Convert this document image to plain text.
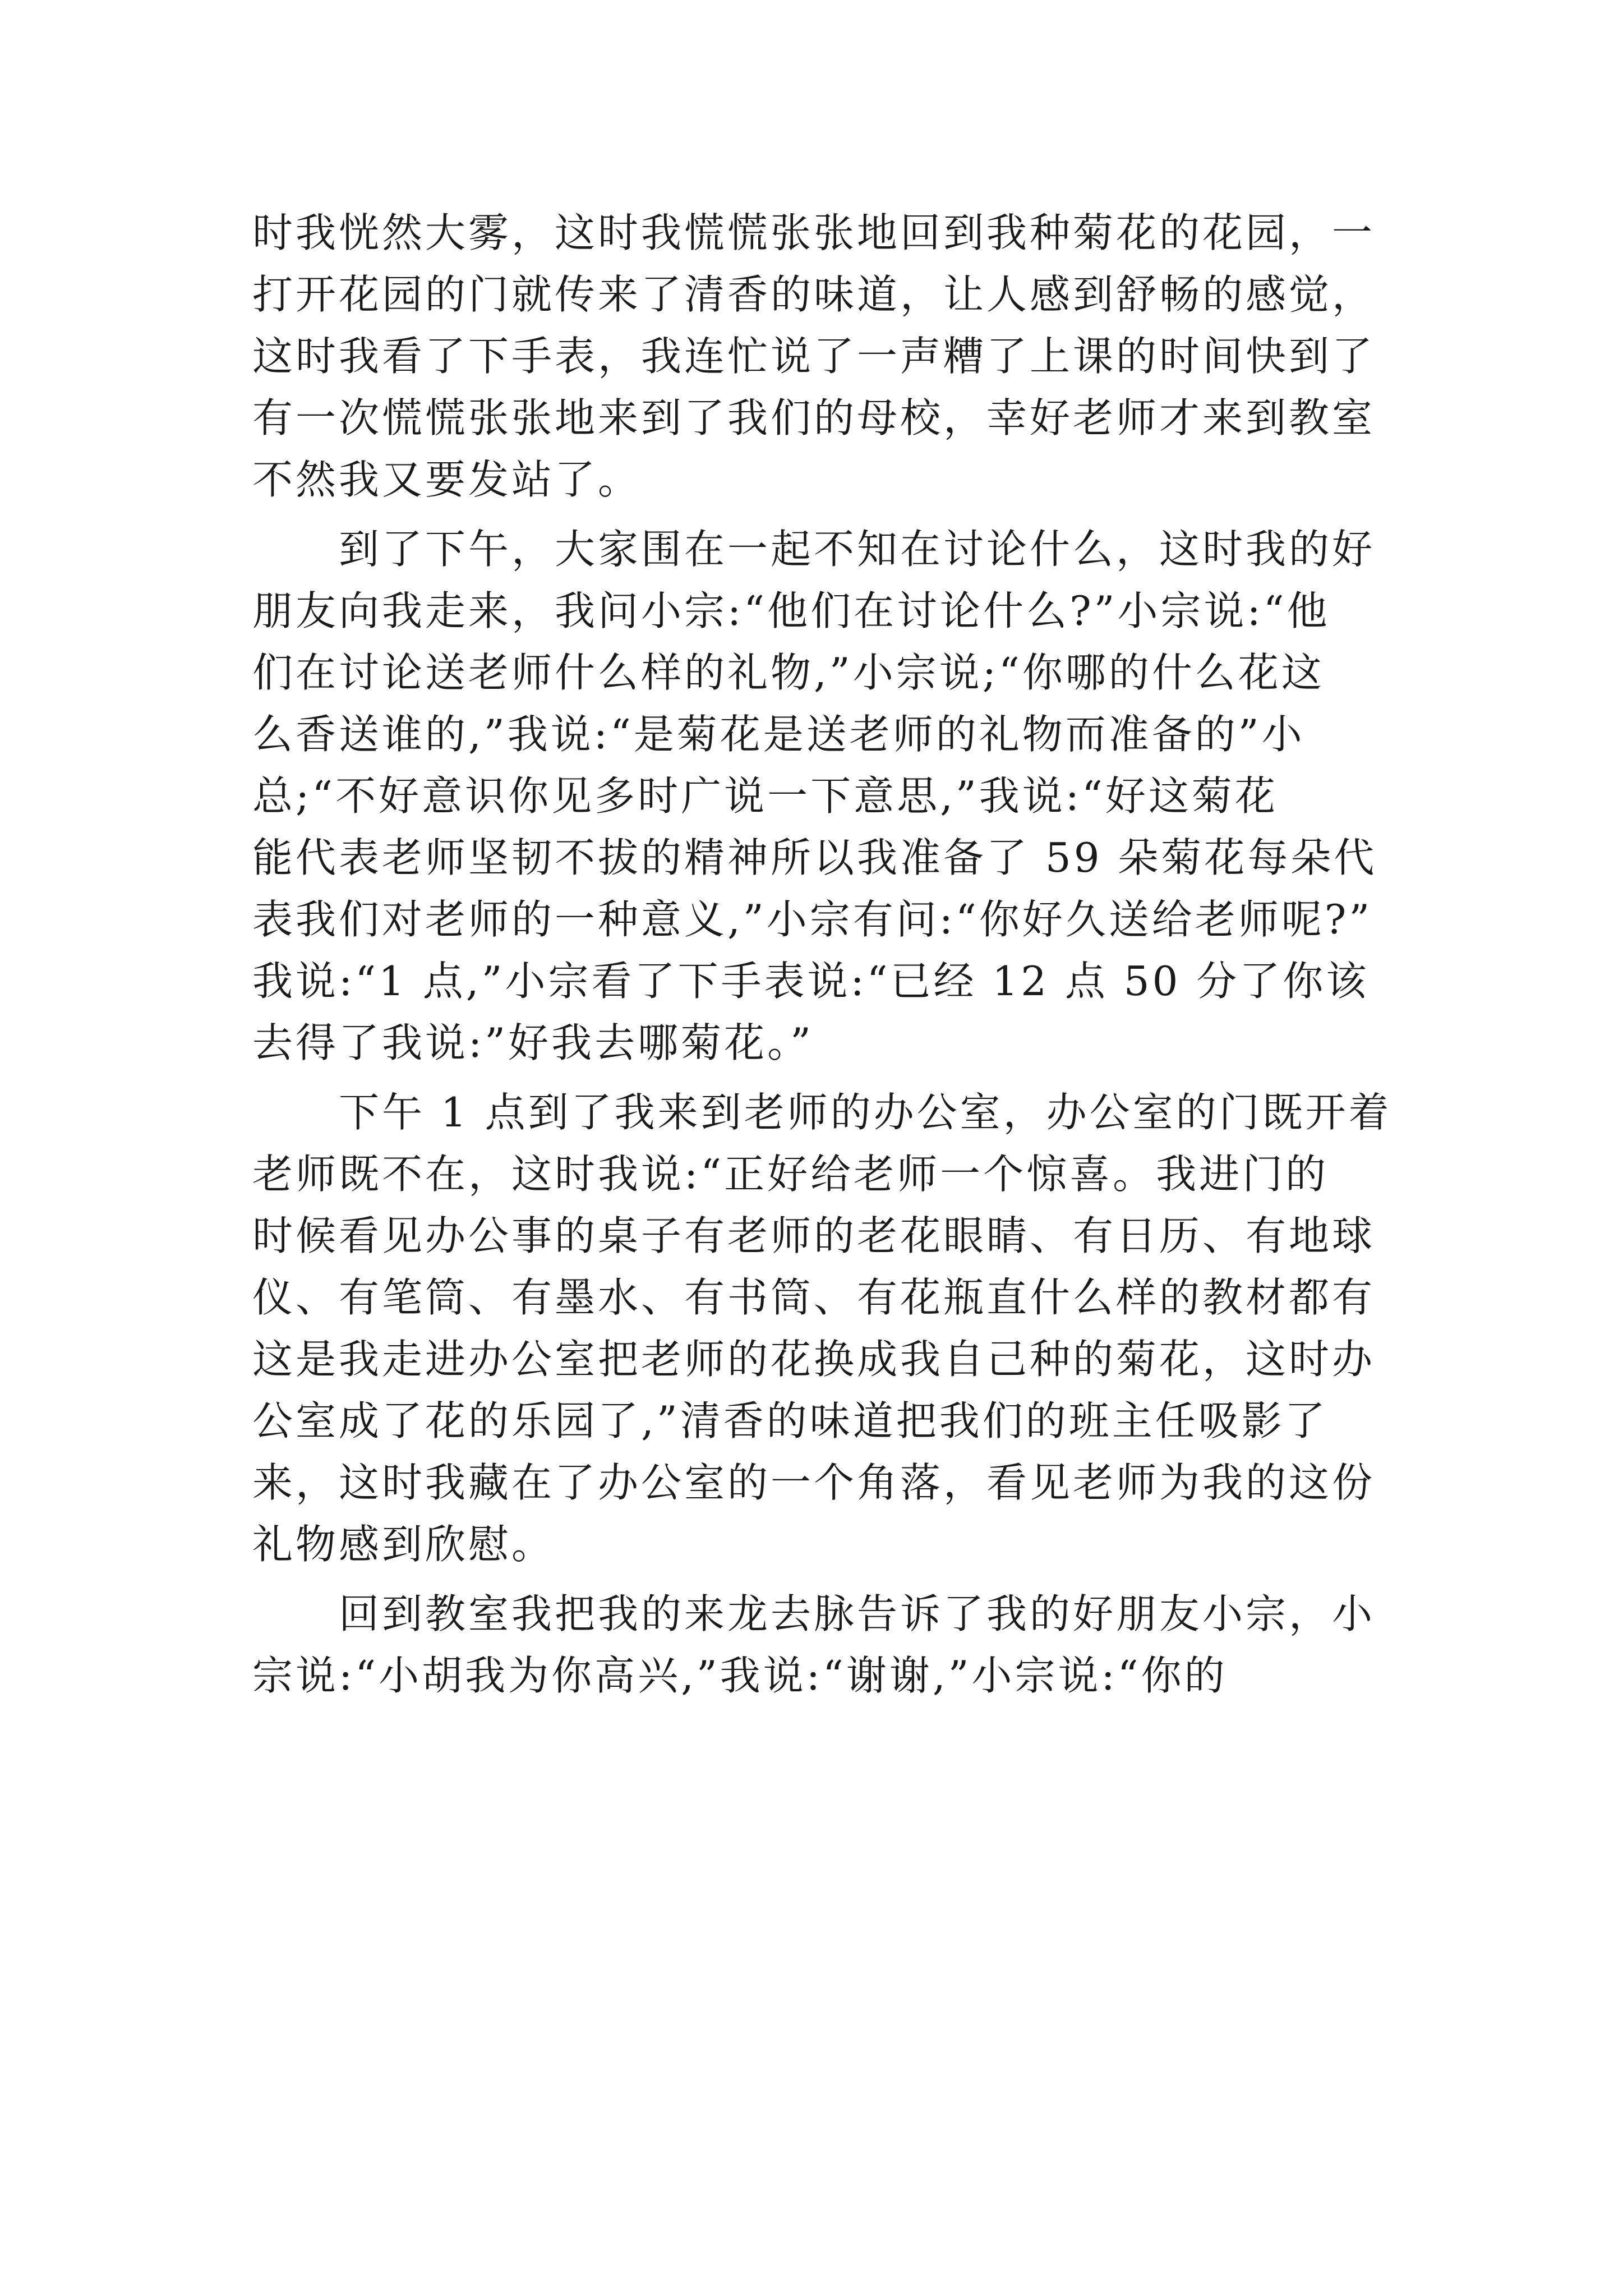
时我恍然大雾，这时我慌慌张张地回到我种菊花的花园，一

打开花园的门就传来了清香的味道，让人感到舒畅的感觉，

这时我看了下手表，我连忙说了一声糟了上课的时间快到了

有一次慌慌张张地来到了我们的母校，幸好老师才来到教室

不然我又要发站了。

　　到了下午，大家围在一起不知在讨论什么，这时我的好

朋友向我走来，我问小宗:“他们在讨论什么?”小宗说:“他

们在讨论送老师什么样的礼物,”小宗说;“你哪的什么花这

么香送谁的,”我说:“是菊花是送老师的礼物而准备的”小

总;“不好意识你见多时广说一下意思,”我说:“好这菊花

能代表老师坚韧不拔的精神所以我准备了 59 朵菊花每朵代

表我们对老师的一种意义,”小宗有问:“你好久送给老师呢?”

我说:“1 点,”小宗看了下手表说:“已经 12 点 50 分了你该

去得了我说:”好我去哪菊花。”

　　下午 1 点到了我来到老师的办公室，办公室的门既开着

老师既不在，这时我说:“正好给老师一个惊喜。我进门的

时候看见办公事的桌子有老师的老花眼睛、有日历、有地球

仪、有笔筒、有墨水、有书筒、有花瓶直什么样的教材都有

这是我走进办公室把老师的花换成我自己种的菊花，这时办

公室成了花的乐园了,”清香的味道把我们的班主任吸影了

来，这时我藏在了办公室的一个角落，看见老师为我的这份

礼物感到欣慰。

　　回到教室我把我的来龙去脉告诉了我的好朋友小宗，小

宗说:“小胡我为你高兴,”我说:“谢谢,”小宗说:“你的
